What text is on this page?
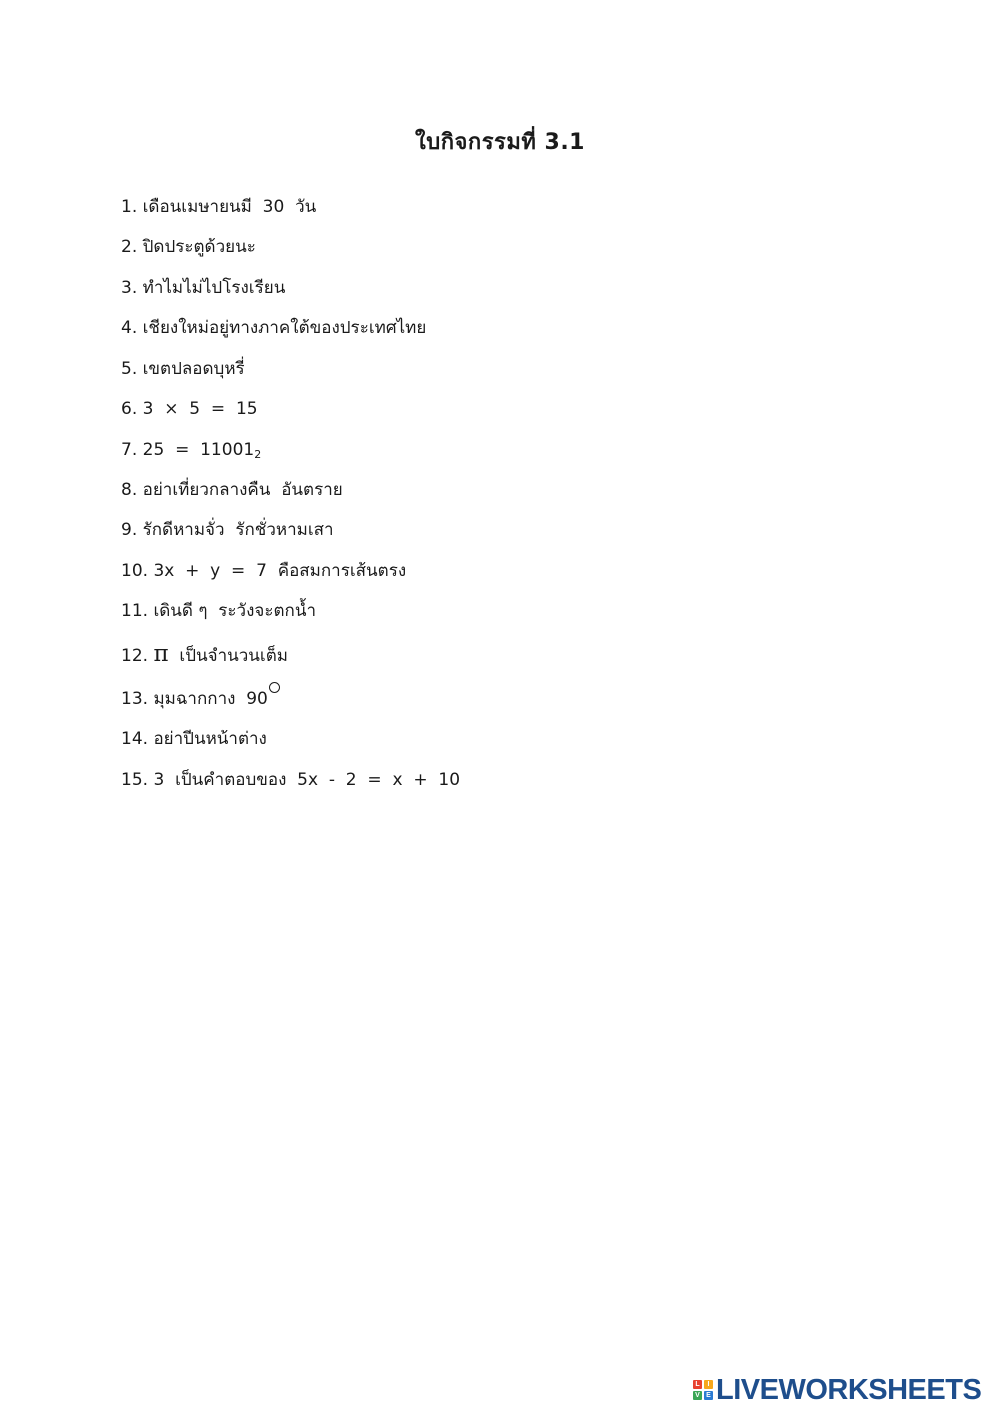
ใบกิจกรรมที่ 3.1
1. เดือนเมษายนมี  30  วัน
2. ปิดประตูด้วยนะ
3. ทำไมไม่ไปโรงเรียน
4. เชียงใหม่อยู่ทางภาคใต้ของประเทศไทย
5. เขตปลอดบุหรี่
6. 3  ×  5  =  15
7. $25 = 11001_2$
8. อย่าเที่ยวกลางคืน  อันตราย
9. รักดีหามจั่ว  รักชั่วหามเสา
10. 3x  +  y  =  7  คือสมการเส้นตรง
11. เดินดี ๆ  ระวังจะตกน้ำ
12. π  เป็นจำนวนเต็ม
13. มุมฉากกาง  90
14. อย่าปีนหน้าต่าง
15. 3  เป็นคำตอบของ  5x  -  2  =  x  +  10
L	I
V E LIVEWORKSHEETS
